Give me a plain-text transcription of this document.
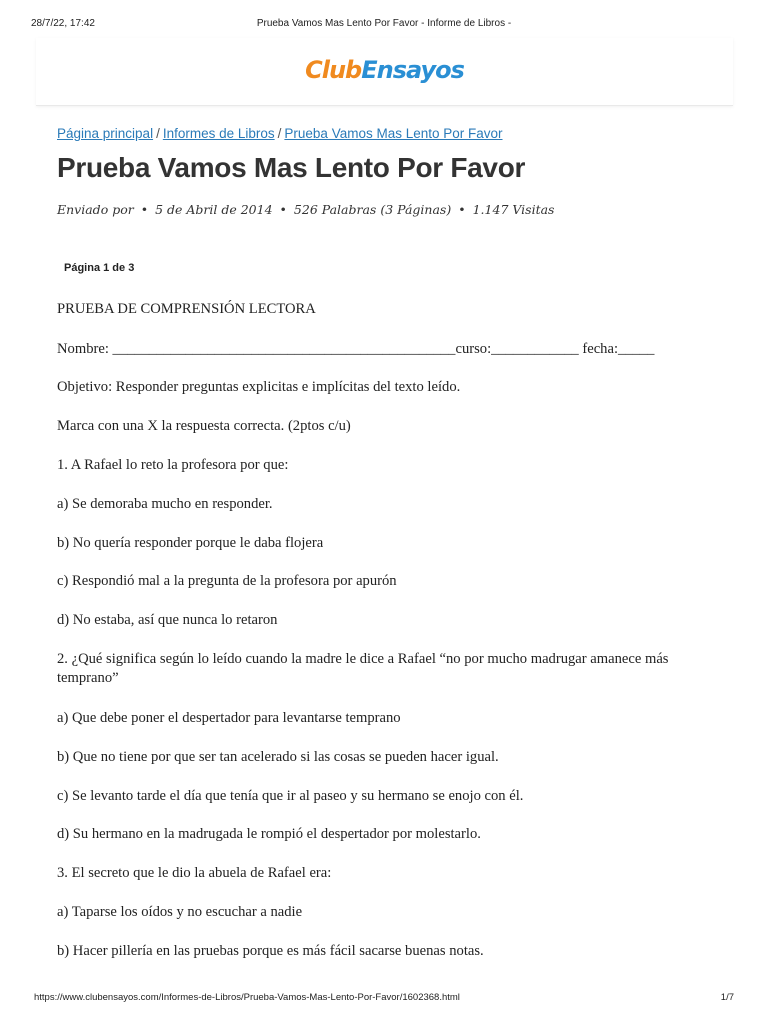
28/7/22, 17:42	Prueba Vamos Mas Lento Por Favor - Informe de Libros -
ClubEnsayos
Página principal / Informes de Libros / Prueba Vamos Mas Lento Por Favor
Prueba Vamos Mas Lento Por Favor
Enviado por • 5 de Abril de 2014 • 526 Palabras (3 Páginas) • 1.147 Visitas
Página 1 de 3

PRUEBA DE COMPRENSIÓN LECTORA

Nombre: _______________________________________________curso:____________ fecha:_____

Objetivo: Responder preguntas explicitas e implícitas del texto leído.

Marca con una X la respuesta correcta. (2ptos c/u)

1. A Rafael lo reto la profesora por que:

a) Se demoraba mucho en responder.

b) No quería responder porque le daba flojera

c) Respondió mal a la pregunta de la profesora por apurón

d) No estaba, así que nunca lo retaron

2. ¿Qué significa según lo leído cuando la madre le dice a Rafael “no por mucho madrugar amanece más temprano”

a) Que debe poner el despertador para levantarse temprano

b) Que no tiene por que ser tan acelerado si las cosas se pueden hacer igual.

c) Se levanto tarde el día que tenía que ir al paseo y su hermano se enojo con él.

d) Su hermano en la madrugada le rompió el despertador por molestarlo.

3. El secreto que le dio la abuela de Rafael era:

a) Taparse los oídos y no escuchar a nadie

b) Hacer pillería en las pruebas porque es más fácil sacarse buenas notas.

https://www.clubensayos.com/Informes-de-Libros/Prueba-Vamos-Mas-Lento-Por-Favor/1602368.html	1/7
